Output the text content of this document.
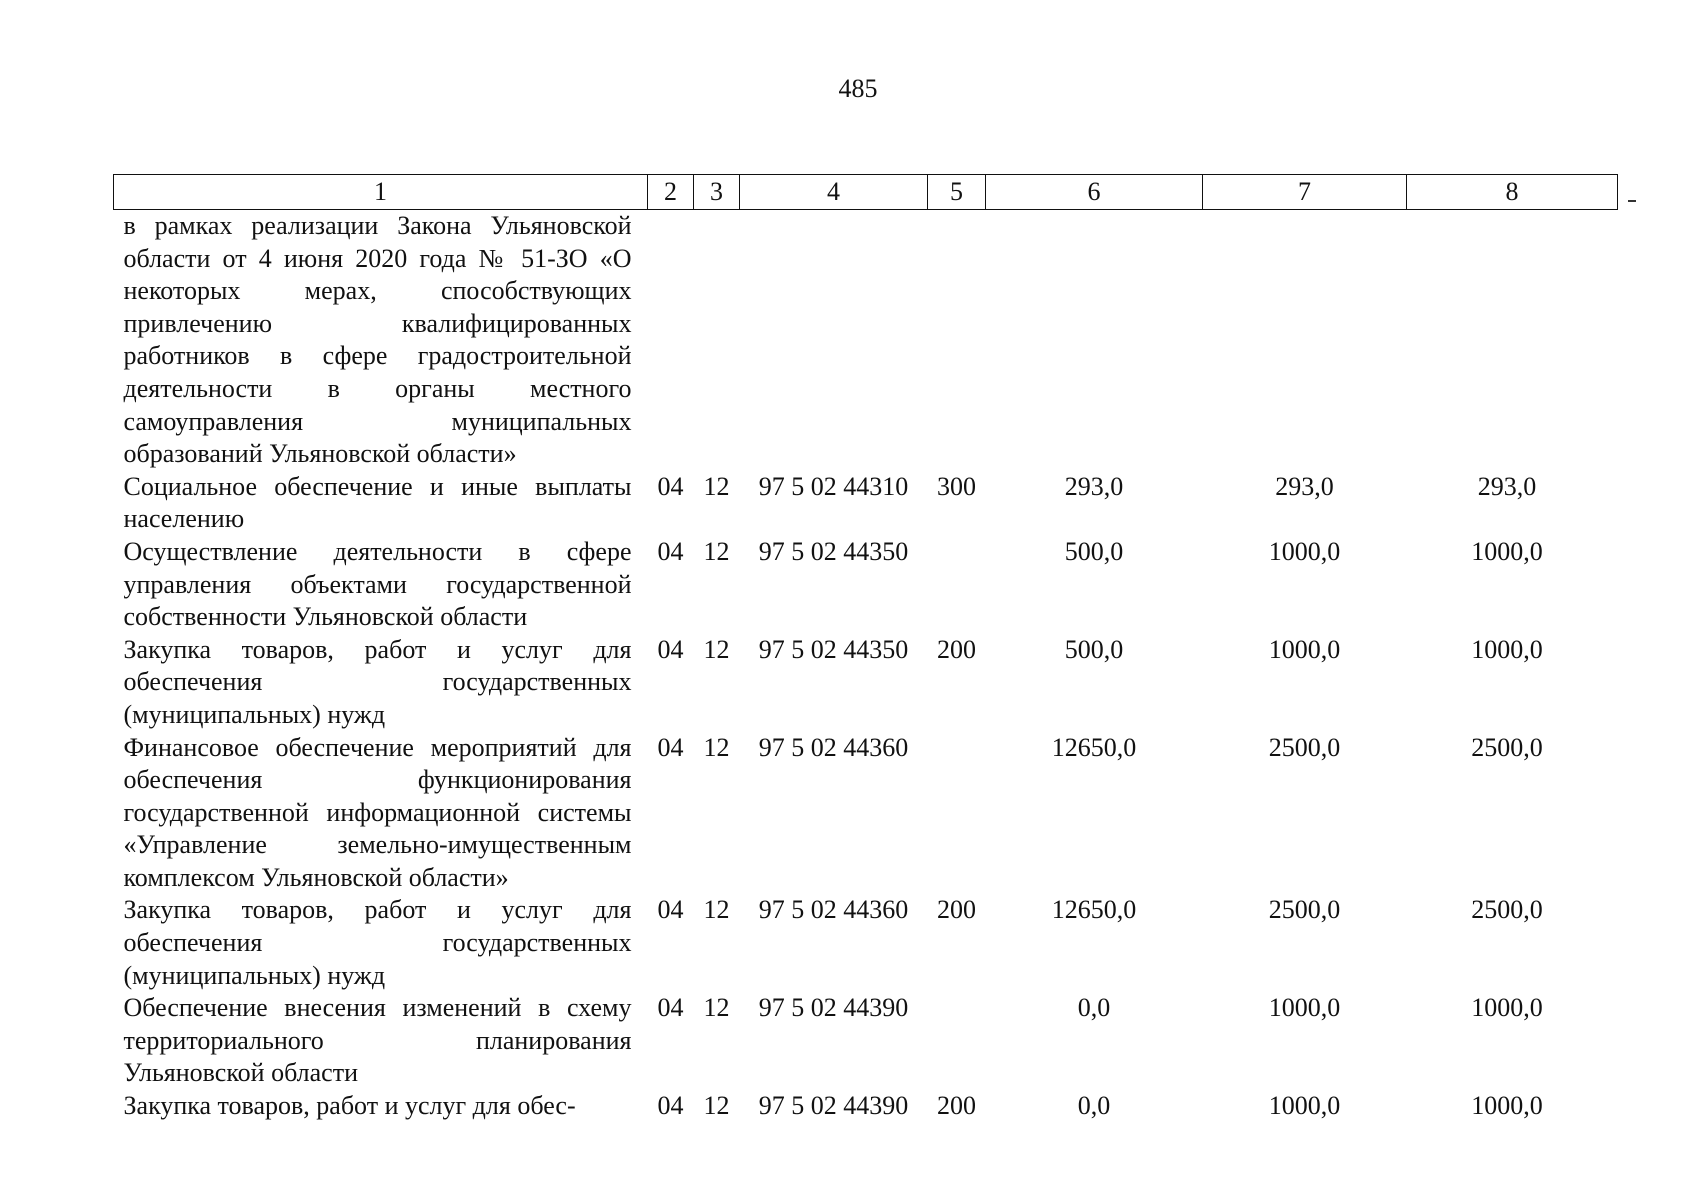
485
1	2	3	4	5	6	7	8
в рамках реализации Закона Ульяновской области от 4 июня 2020 года № 51-ЗО «О некоторых мерах, способствующих привлечению квалифицированных работников в сфере градостроительной деятельности в органы местного самоуправления муниципальных образований Ульяновской области»							
Социальное обеспечение и иные выплаты населению	04	12	97 5 02 44310	300	293,0	293,0	293,0
Осуществление деятельности в сфере управления объектами государственной собственности Ульяновской области	04	12	97 5 02 44350		500,0	1000,0	1000,0
Закупка товаров, работ и услуг для обеспечения государственных (муниципальных) нужд	04	12	97 5 02 44350	200	500,0	1000,0	1000,0
Финансовое обеспечение мероприятий для обеспечения функционирования государственной информационной системы «Управление земельно-имущественным комплексом Ульяновской области»	04	12	97 5 02 44360		12650,0	2500,0	2500,0
Закупка товаров, работ и услуг для обеспечения государственных (муниципальных) нужд	04	12	97 5 02 44360	200	12650,0	2500,0	2500,0
Обеспечение внесения изменений в схему территориального планирования Ульяновской области	04	12	97 5 02 44390		0,0	1000,0	1000,0
Закупка товаров, работ и услуг для обес-	04	12	97 5 02 44390	200	0,0	1000,0	1000,0
